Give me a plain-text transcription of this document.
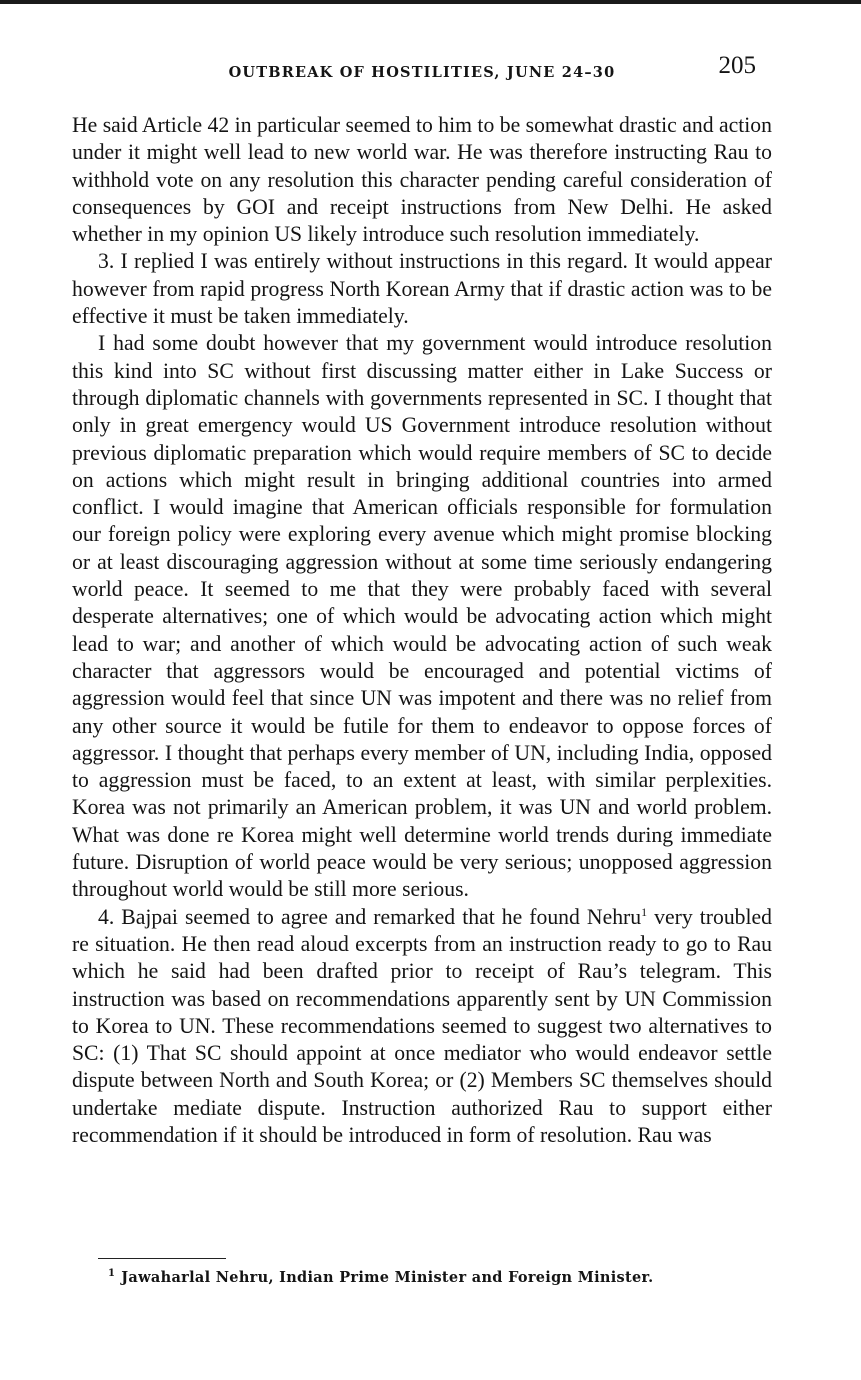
OUTBREAK OF HOSTILITIES, JUNE 24–30	205

He said Article 42 in particular seemed to him to be somewhat drastic and action under it might well lead to new world war. He was therefore instructing Rau to withhold vote on any resolution this character pending careful consideration of consequences by GOI and receipt instructions from New Delhi. He asked whether in my opinion US likely introduce such resolution immediately.

3. I replied I was entirely without instructions in this regard. It would appear however from rapid progress North Korean Army that if drastic action was to be effective it must be taken immediately.

I had some doubt however that my government would introduce resolution this kind into SC without first discussing matter either in Lake Success or through diplomatic channels with governments represented in SC. I thought that only in great emergency would US Government introduce resolution without previous diplomatic preparation which would require members of SC to decide on actions which might result in bringing additional countries into armed conflict. I would imagine that American officials responsible for formulation our foreign policy were exploring every avenue which might promise blocking or at least discouraging aggression without at some time seriously endangering world peace. It seemed to me that they were probably faced with several desperate alternatives; one of which would be advocating action which might lead to war; and another of which would be advocating action of such weak character that aggressors would be encouraged and potential victims of aggression would feel that since UN was impotent and there was no relief from any other source it would be futile for them to endeavor to oppose forces of aggressor. I thought that perhaps every member of UN, including India, opposed to aggression must be faced, to an extent at least, with similar perplexities. Korea was not primarily an American problem, it was UN and world problem. What was done re Korea might well determine world trends during immediate future. Disruption of world peace would be very serious; unopposed aggression throughout world would be still more serious.

4. Bajpai seemed to agree and remarked that he found Nehru$^1$ very troubled re situation. He then read aloud excerpts from an instruction ready to go to Rau which he said had been drafted prior to receipt of Rau’s telegram. This instruction was based on recommendations apparently sent by UN Commission to Korea to UN. These recommendations seemed to suggest two alternatives to SC: (1) That SC should appoint at once mediator who would endeavor settle dispute between North and South Korea; or (2) Members SC themselves should undertake mediate dispute. Instruction authorized Rau to support either recommendation if it should be introduced in form of resolution. Rau was

$^1$ Jawaharlal Nehru, Indian Prime Minister and Foreign Minister.
